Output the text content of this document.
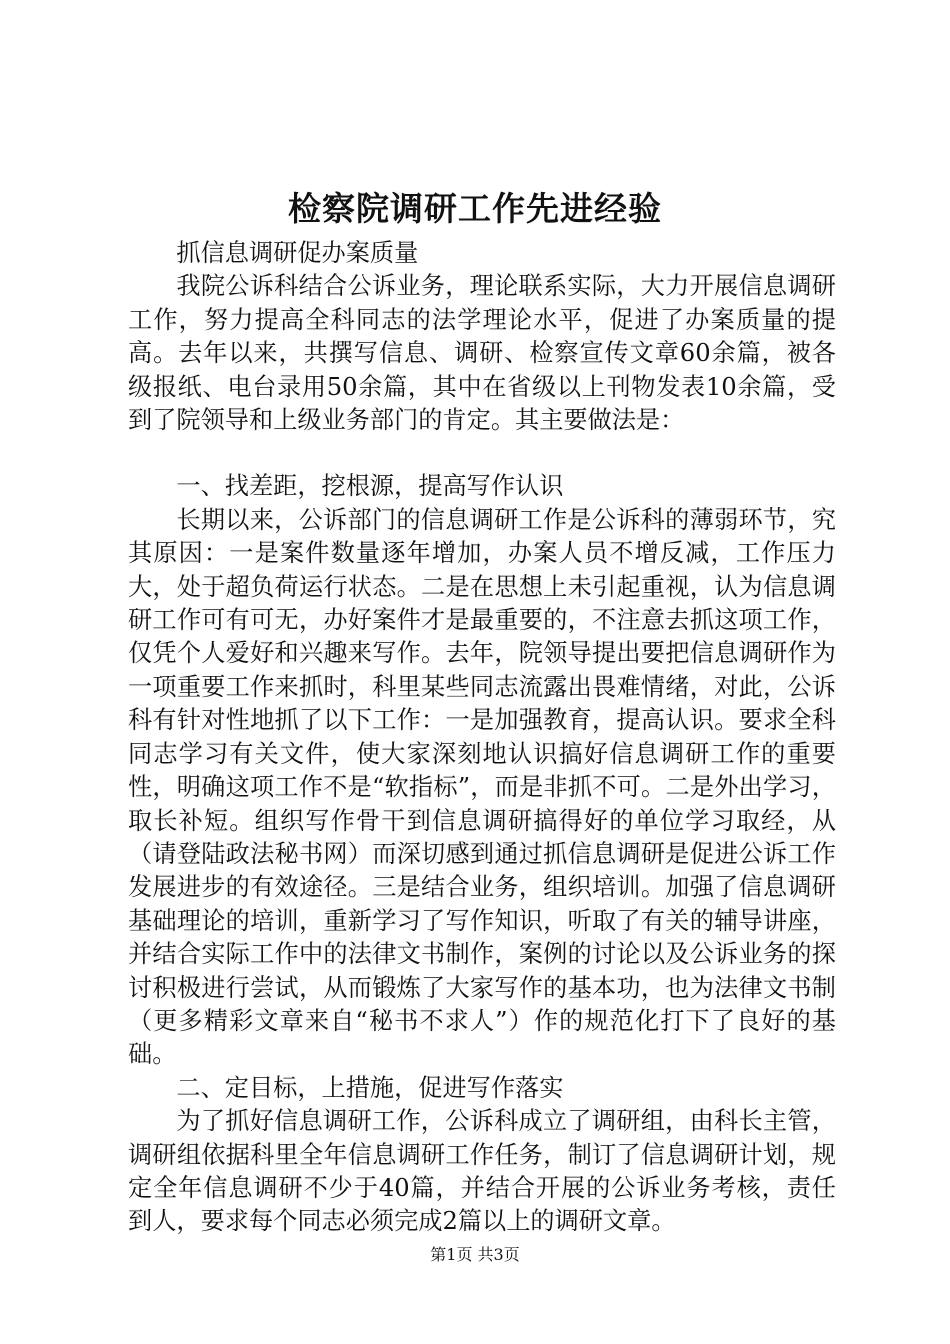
检察院调研工作先进经验

抓信息调研促办案质量

我院公诉科结合公诉业务，理论联系实际，大力开展信息调研工作，努力提高全科同志的法学理论水平，促进了办案质量的提高。去年以来，共撰写信息、调研、检察宣传文章60余篇，被各级报纸、电台录用50余篇，其中在省级以上刊物发表10余篇，受到了院领导和上级业务部门的肯定。其主要做法是：

一、找差距，挖根源，提高写作认识

长期以来，公诉部门的信息调研工作是公诉科的薄弱环节，究其原因：一是案件数量逐年增加，办案人员不增反减，工作压力大，处于超负荷运行状态。二是在思想上未引起重视，认为信息调研工作可有可无，办好案件才是最重要的，不注意去抓这项工作，仅凭个人爱好和兴趣来写作。去年，院领导提出要把信息调研作为一项重要工作来抓时，科里某些同志流露出畏难情绪，对此，公诉科有针对性地抓了以下工作：一是加强教育，提高认识。要求全科同志学习有关文件，使大家深刻地认识搞好信息调研工作的重要性，明确这项工作不是“软指标”，而是非抓不可。二是外出学习，取长补短。组织写作骨干到信息调研搞得好的单位学习取经，从（请登陆政法秘书网）而深切感到通过抓信息调研是促进公诉工作发展进步的有效途径。三是结合业务，组织培训。加强了信息调研基础理论的培训，重新学习了写作知识，听取了有关的辅导讲座，并结合实际工作中的法律文书制作，案例的讨论以及公诉业务的探讨积极进行尝试，从而锻炼了大家写作的基本功，也为法律文书制（更多精彩文章来自“秘书不求人”）作的规范化打下了良好的基础。

二、定目标，上措施，促进写作落实

为了抓好信息调研工作，公诉科成立了调研组，由科长主管，调研组依据科里全年信息调研工作任务，制订了信息调研计划，规定全年信息调研不少于40篇，并结合开展的公诉业务考核，责任到人，要求每个同志必须完成2篇以上的调研文章。

第1页 共3页
